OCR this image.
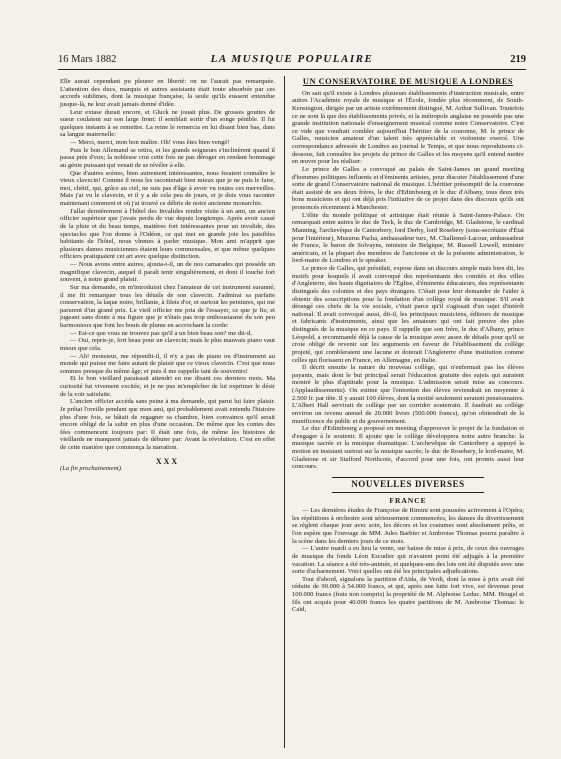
16 Mars 1882	LA MUSIQUE POPULAIRE	219

Elle aurait cependant pu pleurer en liberté: on ne l'aurait pas remarquée. L'attention des ducs, marquis et autres assistants était toute absorbée par ces accords sublimes, dont la musique française, la seule qu'ils eussent entendue jusque-là, ne leur avait jamais donné d'idée.

Leur extase durait encore, et Gluck ne jouait plus. De grosses gouttes de sueur coulaient sur son large front: il semblait sortir d'un songe pénible. Il fut quelques instants à se remettre. La reine le remercia en lui disant bien bas, dans sa langue maternelle:

— Merci, merci, mon bon maître. Oh! vous êtes bien vengé!

Puis le bon Allemand se retira, et les grands seigneurs s'inclinèrent quand il passa près d'eux; la noblesse crut cette fois ne pas déroger en rendant hommage au génie puissant qui venait de se révéler à elle.

Que d'autres scènes, bien autrement intéressantes, nous feraient connaître le vieux clavecin! Comme il nous les raconterait bien mieux que je ne puis le faire, moi, chétif, qui, grâce au ciel, ne suis pas d'âge à avoir vu toutes ces merveilles. Mais j'ai vu le clavecin, et il y a de cela peu de jours, et je dois vous raconter maintenant comment et où j'ai trouvé ce débris de notre ancienne monarchie.

J'allai dernièrement à l'hôtel des Invalides rendre visite à un ami, un ancien officier supérieur que j'avais perdu de vue depuis longtemps. Après avoir causé de la pluie et du beau temps, matières fort intéressantes pour un invalide, des spectacles que l'on donne à l'Odéon, ce qui met en grande joie les paisibles habitants de l'hôtel, nous vînmes à parler musique. Mon ami m'apprit que plusieurs dames musiciennes étaient leurs commensales, et que même quelques officiers pratiquaient cet art avec quelque distinction.

— Nous avons entre autres, ajouta-t-il, un de nos camarades qui possède un magnifique clavecin, auquel il paraît tenir singulièrement, et dont il touche fort souvent, à notre grand plaisir.

Sur ma demande, on m'introduisit chez l'amateur de cet instrument suranné; il me fit remarquer tous les détails de son clavecin. J'admirai sa parfaite conservation, la laque noire, brillante, à filets d'or, et surtout les peintures, qui me parurent d'un grand prix. Le vieil officier me pria de l'essayer, ce que je fis; et jugeant sans doute à ma figure que je n'étais pas trop enthousiasmé du son peu harmonieux que font les bouts de plume en accrochant la corde:

— Est-ce que vous ne trouvez pas qu'il a un bien beau son? me dit-il.

— Oui, repris-je, fort beau pour un clavecin; mais le plus mauvais piano vaut mieux que cela.

— Ah! monsieur, me répondit-il, il n'y a pas de piano ou d'instrument au monde qui puisse me faire autant de plaisir que ce vieux clavecin. C'est que nous sommes presque du même âge; et puis il me rappelle tant de souvenirs!

Et le bon vieillard paraissait attendri en me disant ces derniers mots. Ma curiosité fut vivement excitée, et je ne pus m'empêcher de lui exprimer le désir de la voir satisfaite.

L'ancien officier accéda sans peine à ma demande, qui parut lui faire plaisir. Je prêtai l'oreille pendant que mon ami, qui probablement avait entendu l'histoire plus d'une fois, se hâtait de regagner sa chambre, bien convaincu qu'il serait encore obligé de la subir en plus d'une occasion. De même que les contes des fées commencent toujours par: Il était une fois, de même les histoires de vieillards ne manquent jamais de débuter par: Avant la révolution. C'est en effet de cette manière que commença la narration.

XXX

(La fin prochainement).

UN CONSERVATOIRE DE MUSIQUE A LONDRES

On sait qu'il existe à Londres plusieurs établissements d'instruction musicale, entre autres l'Académie royale de musique et l'École, fondée plus récemment, de South-Kensington, dirigée par un artiste extrêmement distingué, M. Arthur Sullivan. Toutefois ce ne sont là que des établissements privés, et la métropole anglaise ne possède pas une grande institution nationale d'enseignement musical comme notre Conservatoire. C'est ce vide que voudrait combler aujourd'hui l'héritier de la couronne, M. le prince de Galles, musicien amateur d'un talent très appréciable et violoniste exercé. Une correspondance adressée de Londres au journal le Temps, et que nous reproduisons ci-dessous, fait connaître les projets du prince de Galles et les moyens qu'il entend mettre en œuvre pour les réaliser:

Le prince de Galles a convoqué au palais de Saint-James un grand meeting d'hommes politiques influents et d'éminents artistes, pour discuter l'établissement d'une sorte de grand Conservatoire national de musique. L'héritier présomptif de la couronne était assisté de ses deux frères, le duc d'Edimbourg et le duc d'Albany, tous deux très bons musiciens et qui ont déjà pris l'initiative de ce projet dans des discours qu'ils ont prononcés récemment à Manchester.

L'élite du monde politique et artistique était réunie à Saint-James-Palace. On remarquait entre autres le duc de Teck, le duc de Cambridge, M. Gladstone, le cardinal Manning, l'archevêque de Cantorbery, lord Derby, lord Rosebery (sous-secrétaire d'État pour l'intérieur), Musurus Pacha, ambassadeur turc, M. Challemel-Lacour, ambassadeur de France, le baron de Solvayns, ministre de Belgique, M. Russell Lowell, ministre américain, et la plupart des membres de l'ancienne et de la présente administration, le lord-maire de Londres et le speaker.

Le prince de Galles, qui présidait, expose dans un discours simple mais bien dit, les motifs pour lesquels il avait convoqué des représentants des comités et des villes d'Angleterre, des hauts dignitaires de l'Église, d'éminents éducateurs, des représentants distingués des colonies et des pays étrangers. C'était pour leur demander de l'aider à obtenir des souscriptions pour la fondation d'un collège royal de musique. S'il avait dérangé ces chefs de la vie sociale, c'était parce qu'il s'agissait d'un sujet d'intérêt national. Il avait convoqué aussi, dit-il, les principaux musiciens, éditeurs de musique et fabricants d'instruments, ainsi que les amateurs qui ont fait preuve des plus distingués de la musique en ce pays. Il rappelle que son frère, le duc d'Albany, prince Léopold, a recommandé déjà la cause de la musique avec assez de détails pour qu'il se croie obligé de revenir sur les arguments en faveur de l'établissement du collège projeté, qui combleraient une lacune et doterait l'Angleterre d'une institution comme celles qui florissent en France, en Allemagne, en Italie.

Il décrit ensuite la nature du nouveau collège, qui n'enfermait pas les élèves payants, mais dont le but principal serait l'éducation gratuite des sujets qui auraient montré le plus d'aptitude pour la musique. L'admission serait mise au concours. (Applaudissements). On estime que l'entretien des élèves reviendrait en moyenne à 2.500 fr. par tête. Il y aurait 100 élèves, dont la moitié seulement seraient pensionnaires. L'Albert Hall servirait de collège par un corridor souterrain. Il faudrait au collège environ un revenu annuel de 20.000 livres (500.000 francs), qu'on obtiendrait de la munificence du public et du gouvernement.

Le duc d'Edimbourg a proposé en meeting d'approuver le projet de la fondation et d'engager à le soutenir. Il ajoute que le collège développera notre autre branche: la musique sacrée et la musique dramatique. L'archevêque de Cantorbery a appuyé la motion en insistant surtout sur la musique sacrée; le duc de Rosebery, le lord-maire, M. Gladstone et sir Stafford Northcote, d'accord pour une fois, ont promis aussi leur concours.

NOUVELLES DIVERSES
FRANCE

— Les dernières études de Françoise de Rimini sont poussées activement à l'Opéra; les répétitions à orchestre sont sérieusement commencées, les danses du divertissement se règlent chaque jour avec soin, les décors et les costumes sont absolument prêts, et l'on espère que l'ouvrage de MM. Jules Barbier et Ambroise Thomas pourra paraître à la scène dans les derniers jours de ce mois.

— L'autre mardi a eu lieu la vente, sur baisse de mise à prix, de ceux des ouvrages de musique du fonds Léon Escudier qui n'avaient point été adjugés à la première vacation. La séance a été très-animée, et quelques-uns des lots ont été disputés avec une sorte d'acharnement. Voici quelles ont été les principales adjudications.

Tout d'abord, signalons la partition d'Aïda, de Verdi, dont la mise à prix avait été réduite de 90.000 à 54.000 francs, et qui, après une lutte fort vive, est devenue pour 100.000 francs (frais non compris) la propriété de M. Alphonse Leduc. MM. Heugel et fils ont acquis pour 40.000 francs les quatre partitions de M. Ambroise Thomas: le Caïd,
